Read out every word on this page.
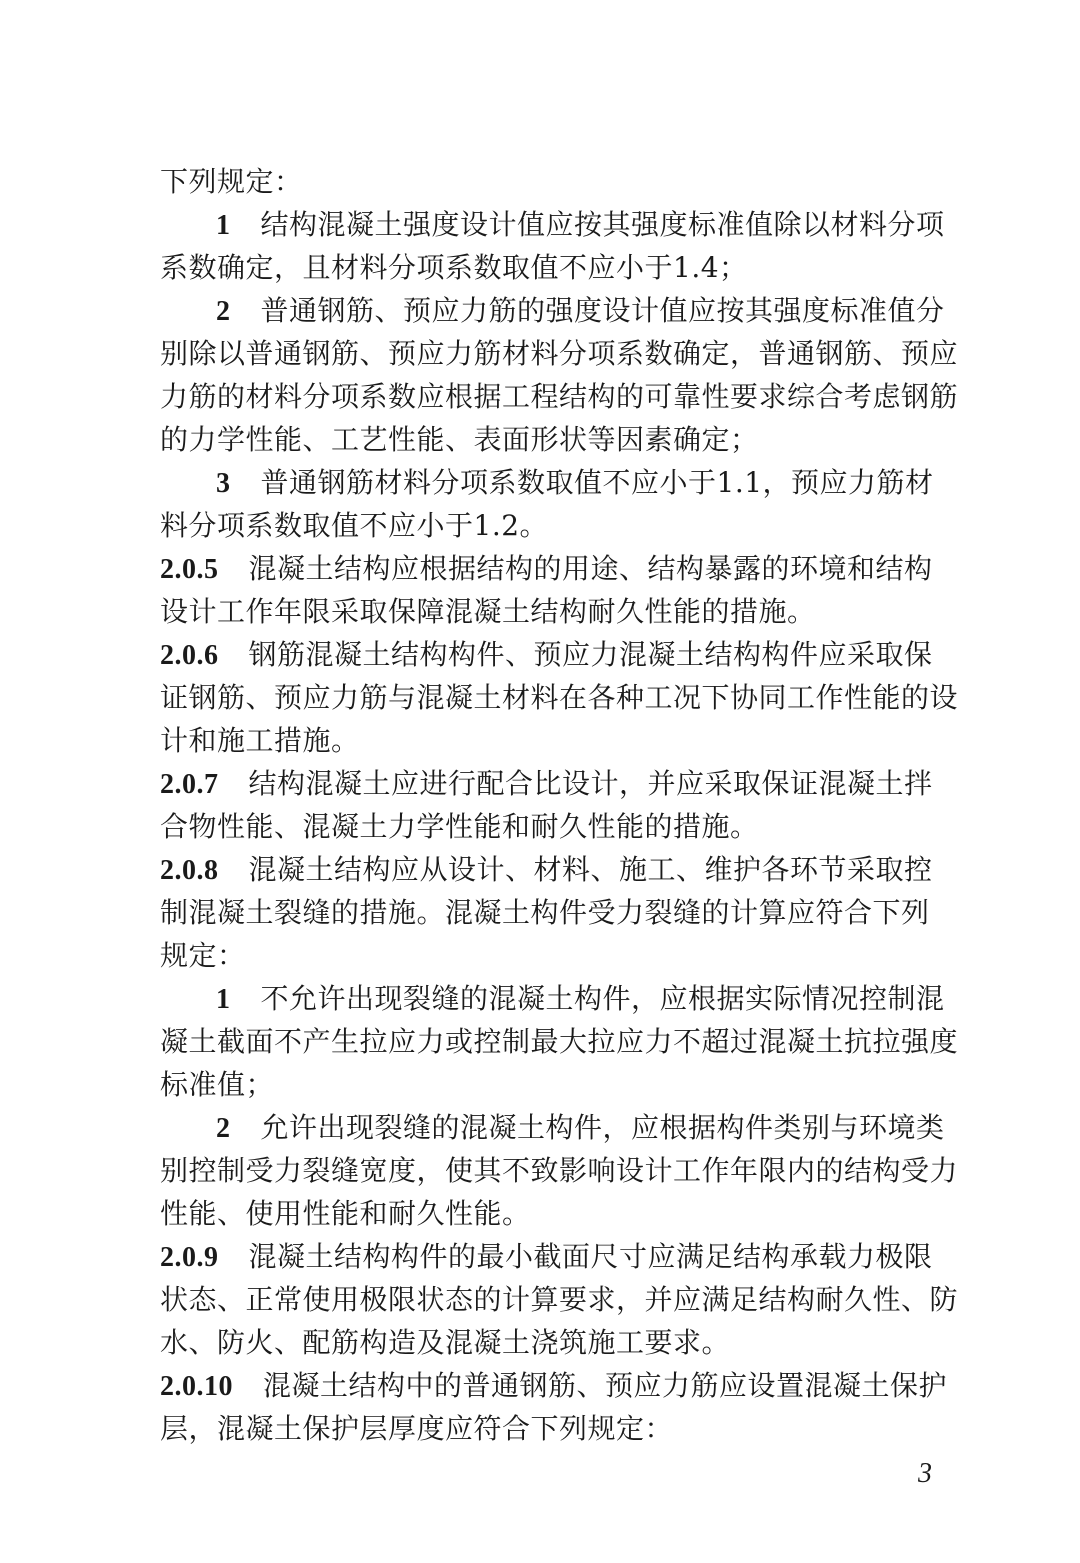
下列规定：
1 结构混凝土强度设计值应按其强度标准值除以材料分项
系数确定，且材料分项系数取值不应小于1.4；
2 普通钢筋、预应力筋的强度设计值应按其强度标准值分
别除以普通钢筋、预应力筋材料分项系数确定，普通钢筋、预应
力筋的材料分项系数应根据工程结构的可靠性要求综合考虑钢筋
的力学性能、工艺性能、表面形状等因素确定；
3 普通钢筋材料分项系数取值不应小于1.1，预应力筋材
料分项系数取值不应小于1.2。
2.0.5 混凝土结构应根据结构的用途、结构暴露的环境和结构
设计工作年限采取保障混凝土结构耐久性能的措施。
2.0.6 钢筋混凝土结构构件、预应力混凝土结构构件应采取保
证钢筋、预应力筋与混凝土材料在各种工况下协同工作性能的设
计和施工措施。
2.0.7 结构混凝土应进行配合比设计，并应采取保证混凝土拌
合物性能、混凝土力学性能和耐久性能的措施。
2.0.8 混凝土结构应从设计、材料、施工、维护各环节采取控
制混凝土裂缝的措施。混凝土构件受力裂缝的计算应符合下列
规定：
1 不允许出现裂缝的混凝土构件，应根据实际情况控制混
凝土截面不产生拉应力或控制最大拉应力不超过混凝土抗拉强度
标准值；
2 允许出现裂缝的混凝土构件，应根据构件类别与环境类
别控制受力裂缝宽度，使其不致影响设计工作年限内的结构受力
性能、使用性能和耐久性能。
2.0.9 混凝土结构构件的最小截面尺寸应满足结构承载力极限
状态、正常使用极限状态的计算要求，并应满足结构耐久性、防
水、防火、配筋构造及混凝土浇筑施工要求。
2.0.10 混凝土结构中的普通钢筋、预应力筋应设置混凝土保护
层，混凝土保护层厚度应符合下列规定：
3
